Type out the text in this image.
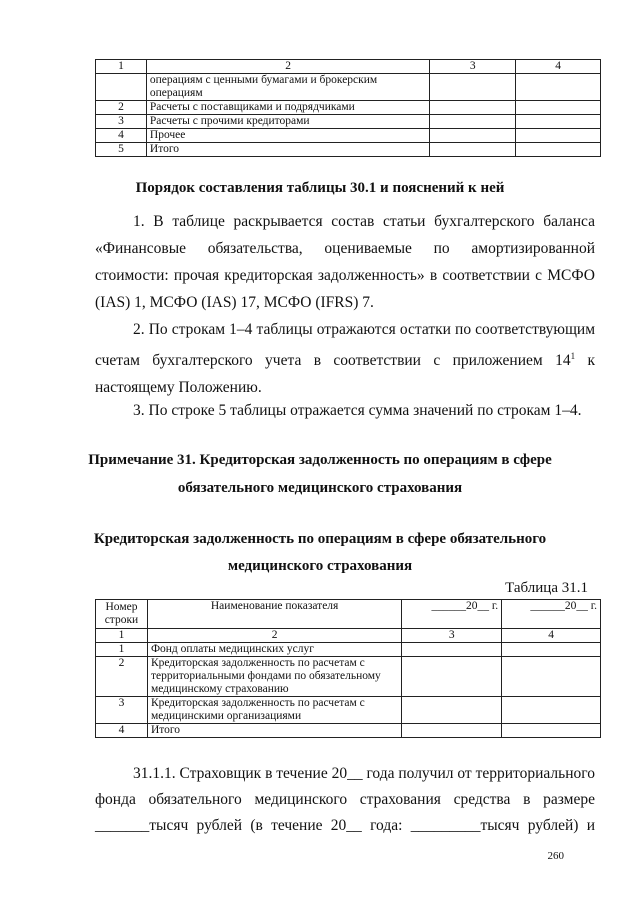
1	2	3	4
	операциям с ценными бумагами и брокерским операциям		
2	Расчеты с поставщиками и подрядчиками		
3	Расчеты с прочими кредиторами		
4	Прочее		
5	Итого		
Порядок составления таблицы 30.1 и пояснений к ней
1. В таблице раскрывается состав статьи бухгалтерского баланса «Финансовые обязательства, оцениваемые по амортизированной стоимости: прочая кредиторская задолженность» в соответствии с МСФО (IAS) 1, МСФО (IAS) 17, МСФО (IFRS) 7.
2. По строкам 1–4 таблицы отражаются остатки по соответствующим счетам бухгалтерского учета в соответствии с приложением $14^1$ к настоящему Положению.
3. По строке 5 таблицы отражается сумма значений по строкам 1–4.
Примечание 31. Кредиторская задолженность по операциям в сфере
обязательного медицинского страхования
Кредиторская задолженность по операциям в сфере обязательного
медицинского страхования
Таблица 31.1
Номер строки	Наименование показателя	______20__ г.	______20__ г.
1	2	3	4
1	Фонд оплаты медицинских услуг		
2	Кредиторская задолженность по расчетам с территориальными фондами по обязательному медицинскому страхованию		
3	Кредиторская задолженность по расчетам с медицинскими организациями		
4	Итого		
31.1.1. Страховщик в течение 20__ года получил от территориального
фонда обязательного медицинского страхования средства в размере
_______тысяч рублей (в течение 20__ года: _________тысяч рублей) и
260
